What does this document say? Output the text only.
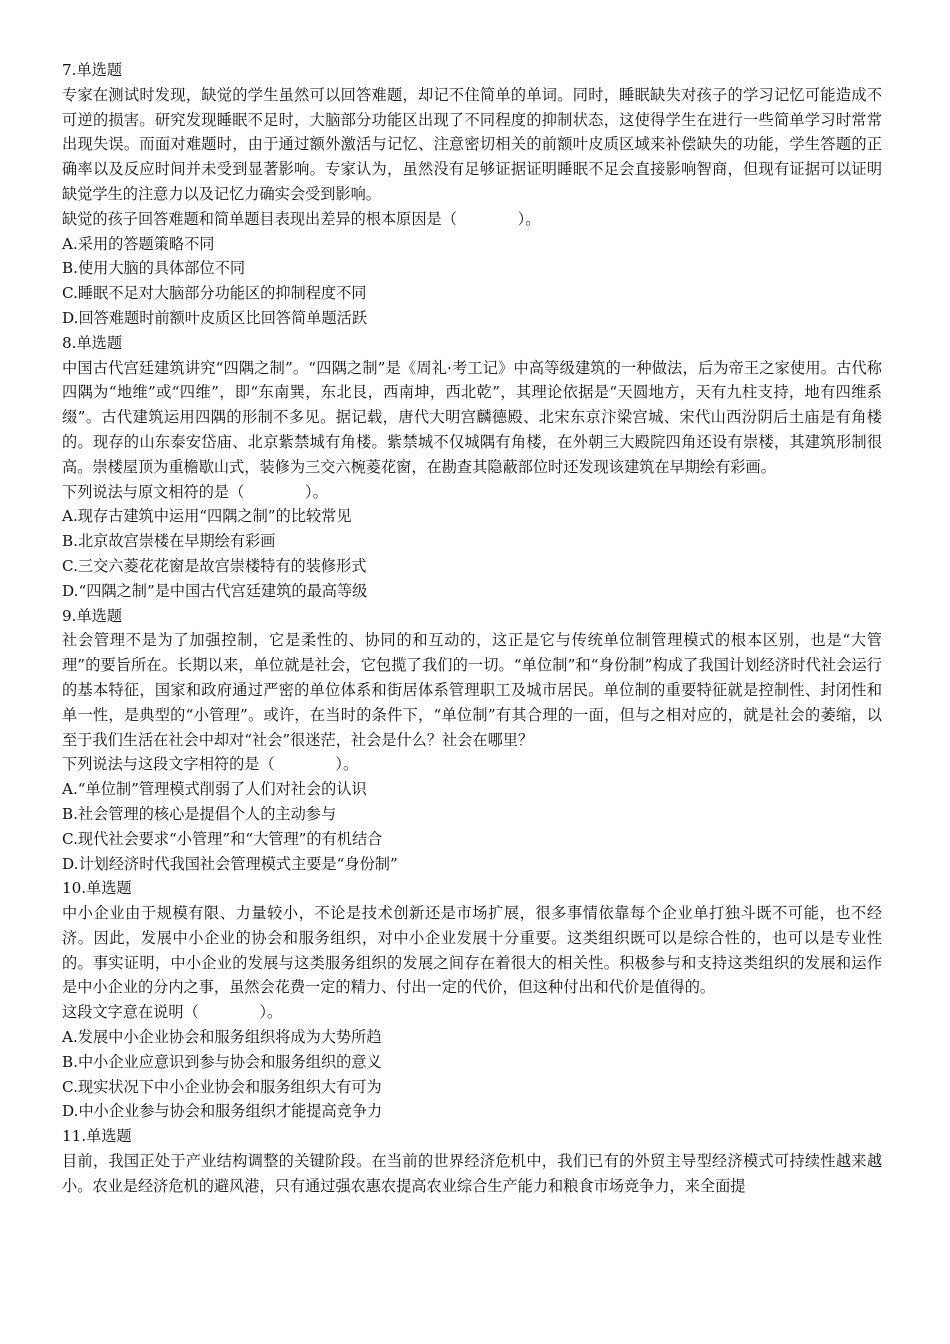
7.单选题
专家在测试时发现，缺觉的学生虽然可以回答难题，却记不住简单的单词。同时，睡眠缺失对孩子的学习记忆可能造成不可逆的损害。研究发现睡眠不足时，大脑部分功能区出现了不同程度的抑制状态，这使得学生在进行一些简单学习时常常出现失误。而面对难题时，由于通过额外激活与记忆、注意密切相关的前额叶皮质区域来补偿缺失的功能，学生答题的正确率以及反应时间并未受到显著影响。专家认为，虽然没有足够证据证明睡眠不足会直接影响智商，但现有证据可以证明缺觉学生的注意力以及记忆力确实会受到影响。
缺觉的孩子回答难题和简单题目表现出差异的根本原因是（　　　　）。
A.采用的答题策略不同
B.使用大脑的具体部位不同
C.睡眠不足对大脑部分功能区的抑制程度不同
D.回答难题时前额叶皮质区比回答简单题活跃
8.单选题
中国古代宫廷建筑讲究“四隅之制”。“四隅之制”是《周礼·考工记》中高等级建筑的一种做法，后为帝王之家使用。古代称四隅为“地维”或“四维”，即“东南巽，东北艮，西南坤，西北乾”，其理论依据是“天圆地方，天有九柱支持，地有四维系缀”。古代建筑运用四隅的形制不多见。据记载，唐代大明宫麟德殿、北宋东京汴梁宫城、宋代山西汾阴后土庙是有角楼的。现存的山东泰安岱庙、北京紫禁城有角楼。紫禁城不仅城隅有角楼，在外朝三大殿院四角还设有崇楼，其建筑形制很高。崇楼屋顶为重檐歇山式，装修为三交六椀菱花窗，在勘查其隐蔽部位时还发现该建筑在早期绘有彩画。
下列说法与原文相符的是（　　　　）。
A.现存古建筑中运用“四隅之制”的比较常见
B.北京故宫崇楼在早期绘有彩画
C.三交六菱花花窗是故宫崇楼特有的装修形式
D.“四隅之制”是中国古代宫廷建筑的最高等级
9.单选题
社会管理不是为了加强控制，它是柔性的、协同的和互动的，这正是它与传统单位制管理模式的根本区别，也是“大管理”的要旨所在。长期以来，单位就是社会，它包揽了我们的一切。“单位制”和“身份制”构成了我国计划经济时代社会运行的基本特征，国家和政府通过严密的单位体系和街居体系管理职工及城市居民。单位制的重要特征就是控制性、封闭性和单一性，是典型的“小管理”。或许，在当时的条件下，“单位制”有其合理的一面，但与之相对应的，就是社会的萎缩，以至于我们生活在社会中却对“社会”很迷茫，社会是什么？社会在哪里？
下列说法与这段文字相符的是（　　　　）。
A.“单位制”管理模式削弱了人们对社会的认识
B.社会管理的核心是提倡个人的主动参与
C.现代社会要求“小管理”和“大管理”的有机结合
D.计划经济时代我国社会管理模式主要是“身份制”
10.单选题
中小企业由于规模有限、力量较小，不论是技术创新还是市场扩展，很多事情依靠每个企业单打独斗既不可能，也不经济。因此，发展中小企业的协会和服务组织，对中小企业发展十分重要。这类组织既可以是综合性的，也可以是专业性的。事实证明，中小企业的发展与这类服务组织的发展之间存在着很大的相关性。积极参与和支持这类组织的发展和运作是中小企业的分内之事，虽然会花费一定的精力、付出一定的代价，但这种付出和代价是值得的。
这段文字意在说明（　　　　）。
A.发展中小企业协会和服务组织将成为大势所趋
B.中小企业应意识到参与协会和服务组织的意义
C.现实状况下中小企业协会和服务组织大有可为
D.中小企业参与协会和服务组织才能提高竞争力
11.单选题
目前，我国正处于产业结构调整的关键阶段。在当前的世界经济危机中，我们已有的外贸主导型经济模式可持续性越来越小。农业是经济危机的避风港，只有通过强农惠农提高农业综合生产能力和粮食市场竞争力，来全面提
